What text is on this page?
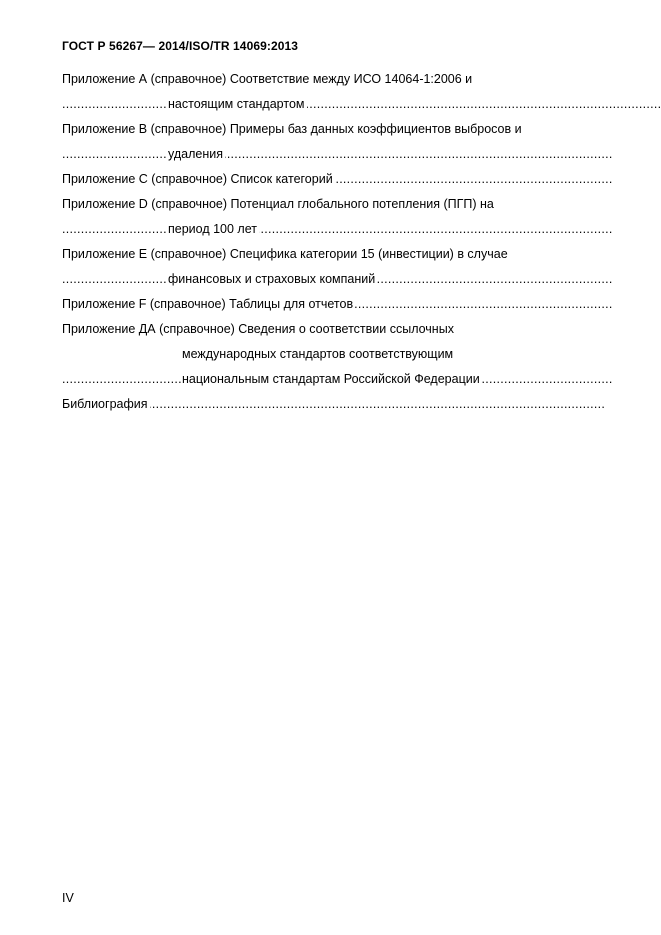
ГОСТ Р 56267— 2014/ISO/TR 14069:2013
Приложение А (справочное) Соответствие между ИСО 14064-1:2006 и
настоящим стандартом . . .
Приложение В (справочное) Примеры баз данных коэффициентов выбросов и
удаления . . .
Приложение С (справочное) Список категорий . . .
Приложение D (справочное) Потенциал глобального потепления (ПГП) на
период 100 лет . . .
Приложение Е (справочное) Специфика категории 15 (инвестиции) в случае
финансовых и страховых компаний . . .
Приложение F (справочное) Таблицы для отчетов . . .
Приложение ДА (справочное) Сведения о соответствии ссылочных
международных стандартов соответствующим
национальным стандартам Российской Федерации . . .
Библиография . . .
IV
